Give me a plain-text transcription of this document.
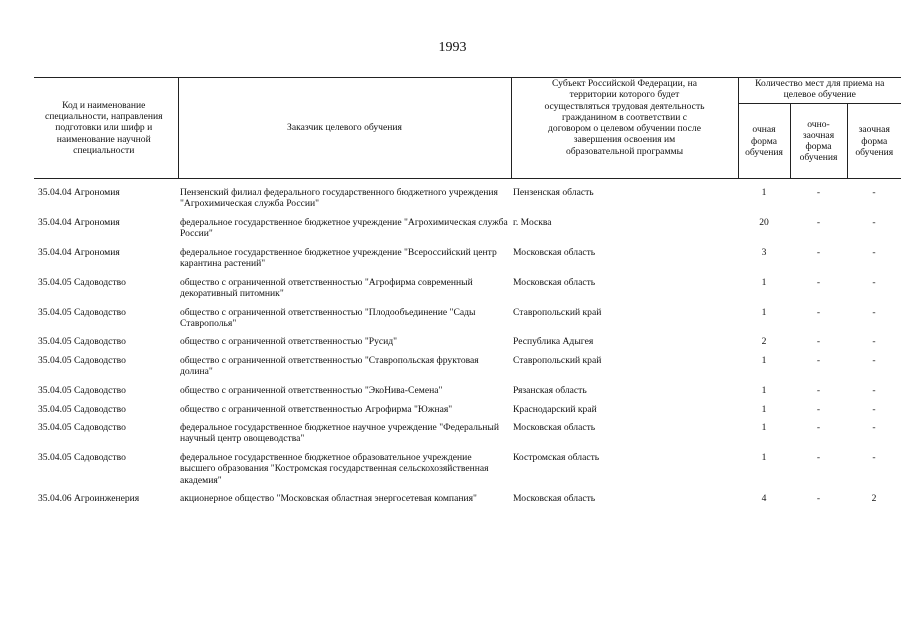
1993
Код и наименование специальности, направления подготовки или шифр и наименование научной специальности	Заказчик целевого обучения	Субъект Российской Федерации, на территории которого будет осуществляться трудовая деятельность гражданином в соответствии с договором о целевом обучении после завершения освоения им образовательной программы	Количество мест для приема на целевое обучение		
			очная форма обучения	очно-заочная форма обучения	заочная форма обучения

35.04.04 Агрономия	Пензенский филиал федерального государственного бюджетного учреждения "Агрохимическая служба России"	Пензенская область	1	-	-
35.04.04 Агрономия	федеральное государственное бюджетное учреждение "Агрохимическая служба России"	г. Москва	20	-	-
35.04.04 Агрономия	федеральное государственное бюджетное учреждение "Всероссийский центр карантина растений"	Московская область	3	-	-
35.04.05 Садоводство	общество с ограниченной ответственностью "Агрофирма современный декоративный питомник"	Московская область	1	-	-
35.04.05 Садоводство	общество с ограниченной ответственностью "Плодообъединение "Сады Ставрополья"	Ставропольский край	1	-	-
35.04.05 Садоводство	общество с ограниченной ответственностью "Русид"	Республика Адыгея	2	-	-
35.04.05 Садоводство	общество с ограниченной ответственностью "Ставропольская фруктовая долина"	Ставропольский край	1	-	-
35.04.05 Садоводство	общество с ограниченной ответственностью "ЭкоНива-Семена"	Рязанская область	1	-	-
35.04.05 Садоводство	общество с ограниченной ответственностью Агрофирма "Южная"	Краснодарский край	1	-	-
35.04.05 Садоводство	федеральное государственное бюджетное научное учреждение "Федеральный научный центр овощеводства"	Московская область	1	-	-
35.04.05 Садоводство	федеральное государственное бюджетное образовательное учреждение высшего образования "Костромская государственная сельскохозяйственная академия"	Костромская область	1	-	-
35.04.06 Агроинженерия	акционерное общество "Московская областная энергосетевая компания"	Московская область	4	-	2
